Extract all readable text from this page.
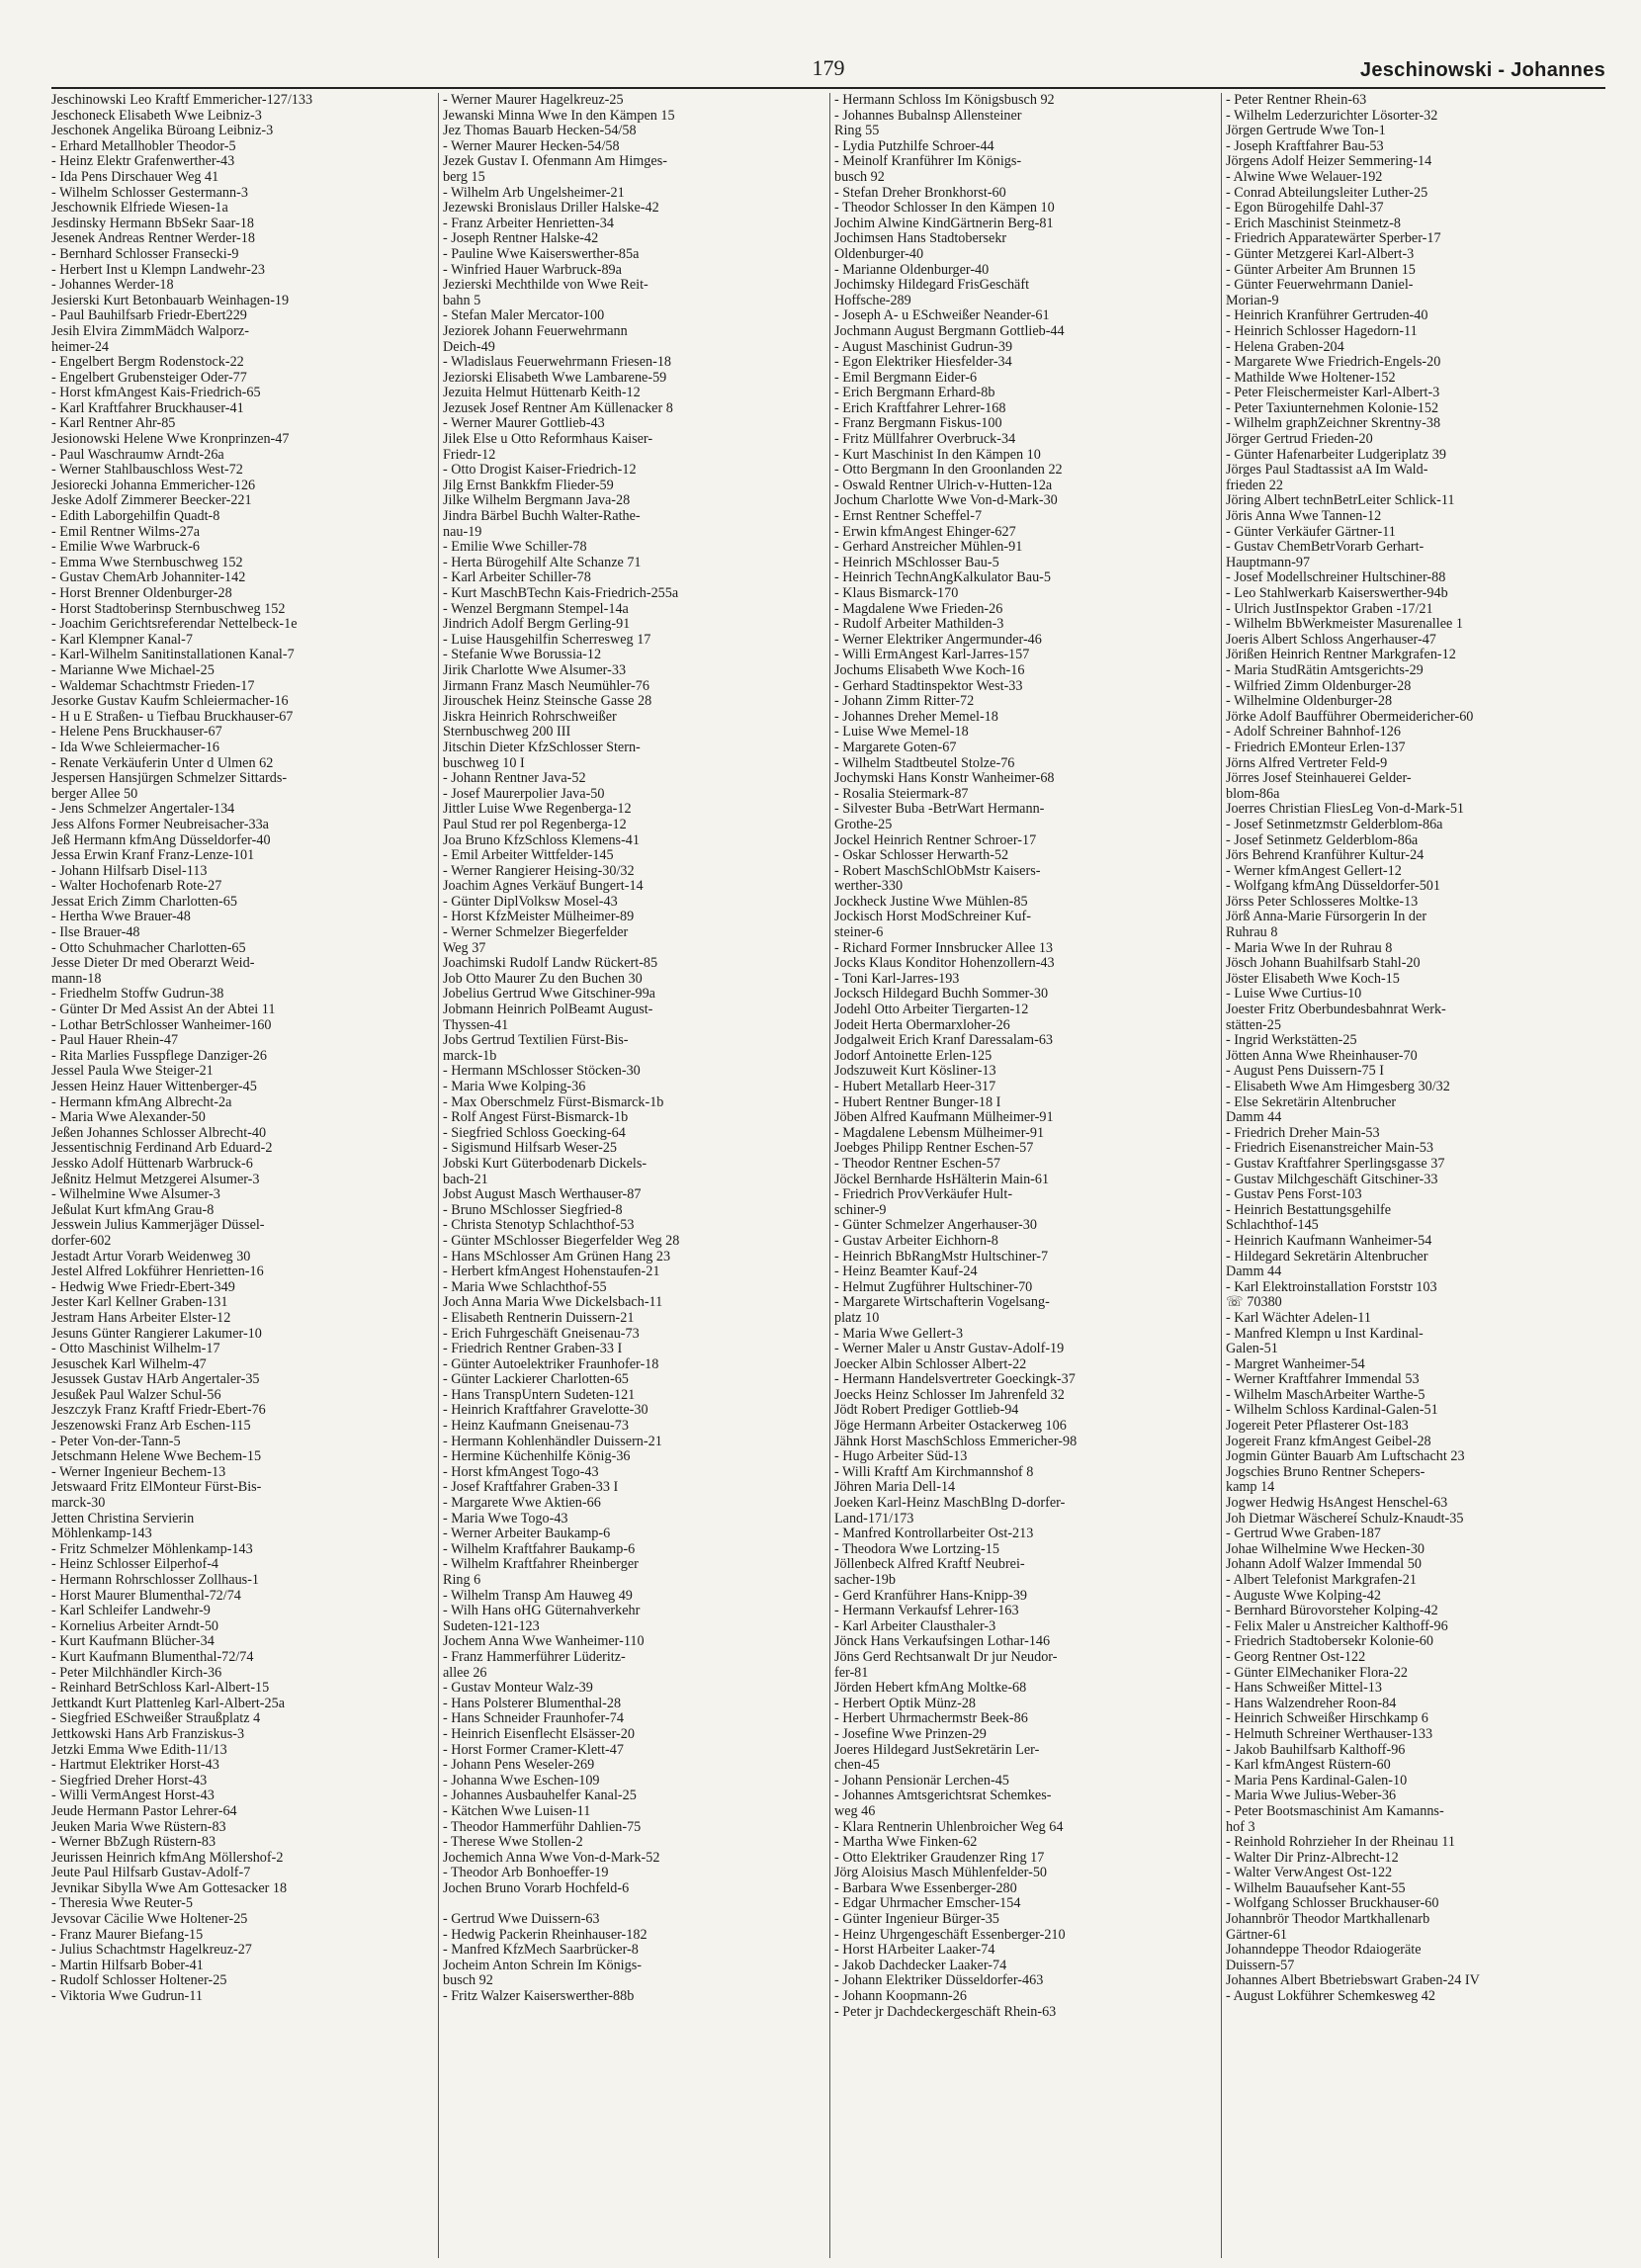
179	Jeschinowski - Johannes
Jeschinowski Leo Kraftf Emmericher-127/133
Jeschoneck Elisabeth Wwe Leibniz-3
Jeschonek Angelika Büroang Leibniz-3
- Erhard Metallhobler Theodor-5
- Heinz Elektr Grafenwerther-43
- Ida Pens Dirschauer Weg 41
- Wilhelm Schlosser Gestermann-3
Jeschownik Elfriede Wiesen-1a
Jesdinsky Hermann BbSekr Saar-18
Jesenek Andreas Rentner Werder-18
- Bernhard Schlosser Fransecki-9
- Herbert Inst u Klempn Landwehr-23
- Johannes Werder-18
Jesierski Kurt Betonbauarb Weinhagen-19
- Paul Bauhilfsarb Friedr-Ebert229
Jesih Elvira ZimmMädch Walporz-
heimer-24
- Engelbert Bergm Rodenstock-22
- Engelbert Grubensteiger Oder-77
- Horst kfmAngest Kais-Friedrich-65
- Karl Kraftfahrer Bruckhauser-41
- Karl Rentner Ahr-85
Jesionowski Helene Wwe Kronprinzen-47
- Paul Waschraumw Arndt-26a
- Werner Stahlbauschloss West-72
Jesiorecki Johanna Emmericher-126
Jeske Adolf Zimmerer Beecker-221
- Edith Laborgehilfin Quadt-8
- Emil Rentner Wilms-27a
- Emilie Wwe Warbruck-6
- Emma Wwe Sternbuschweg 152
- Gustav ChemArb Johanniter-142
- Horst Brenner Oldenburger-28
- Horst Stadtoberinsp Sternbuschweg 152
- Joachim Gerichtsreferendar Nettelbeck-1e
- Karl Klempner Kanal-7
- Karl-Wilhelm Sanitinstallationen Kanal-7
- Marianne Wwe Michael-25
- Waldemar Schachtmstr Frieden-17
Jesorke Gustav Kaufm Schleiermacher-16
- H u E Straßen- u Tiefbau Bruckhauser-67
- Helene Pens Bruckhauser-67
- Ida Wwe Schleiermacher-16
- Renate Verkäuferin Unter d Ulmen 62
Jespersen Hansjürgen Schmelzer Sittards-
berger Allee 50
- Jens Schmelzer Angertaler-134
Jess Alfons Former Neubreisacher-33a
Jeß Hermann kfmAng Düsseldorfer-40
Jessa Erwin Kranf Franz-Lenze-101
- Johann Hilfsarb Disel-113
- Walter Hochofenarb Rote-27
Jessat Erich Zimm Charlotten-65
- Hertha Wwe Brauer-48
- Ilse Brauer-48
- Otto Schuhmacher Charlotten-65
Jesse Dieter Dr med Oberarzt Weid-
mann-18
- Friedhelm Stoffw Gudrun-38
- Günter Dr Med Assist An der Abtei 11
- Lothar BetrSchlosser Wanheimer-160
- Paul Hauer Rhein-47
- Rita Marlies Fusspflege Danziger-26
Jessel Paula Wwe Steiger-21
Jessen Heinz Hauer Wittenberger-45
- Hermann kfmAng Albrecht-2a
- Maria Wwe Alexander-50
Jeßen Johannes Schlosser Albrecht-40
Jessentischnig Ferdinand Arb Eduard-2
Jessko Adolf Hüttenarb Warbruck-6
Jeßnitz Helmut Metzgerei Alsumer-3
- Wilhelmine Wwe Alsumer-3
Jeßulat Kurt kfmAng Grau-8
Jesswein Julius Kammerjäger Düssel-
dorfer-602
Jestadt Artur Vorarb Weidenweg 30
Jestel Alfred Lokführer Henrietten-16
- Hedwig Wwe Friedr-Ebert-349
Jester Karl Kellner Graben-131
Jestram Hans Arbeiter Elster-12
Jesuns Günter Rangierer Lakumer-10
- Otto Maschinist Wilhelm-17
Jesuschek Karl Wilhelm-47
Jesussek Gustav HArb Angertaler-35
Jesußek Paul Walzer Schul-56
Jeszczyk Franz Kraftf Friedr-Ebert-76
Jeszenowski Franz Arb Eschen-115
- Peter Von-der-Tann-5
Jetschmann Helene Wwe Bechem-15
- Werner Ingenieur Bechem-13
Jetswaard Fritz ElMonteur Fürst-Bis-
marck-30
Jetten Christina Servierin
Möhlenkamp-143
- Fritz Schmelzer Möhlenkamp-143
- Heinz Schlosser Eilperhof-4
- Hermann Rohrschlosser Zollhaus-1
- Horst Maurer Blumenthal-72/74
- Karl Schleifer Landwehr-9
- Kornelius Arbeiter Arndt-50
- Kurt Kaufmann Blücher-34
- Kurt Kaufmann Blumenthal-72/74
- Peter Milchhändler Kirch-36
- Reinhard BetrSchloss Karl-Albert-15
Jettkandt Kurt Plattenleg Karl-Albert-25a
- Siegfried ESchweißer Straußplatz 4
Jettkowski Hans Arb Franziskus-3
Jetzki Emma Wwe Edith-11/13
- Hartmut Elektriker Horst-43
- Siegfried Dreher Horst-43
- Willi VermAngest Horst-43
Jeude Hermann Pastor Lehrer-64
Jeuken Maria Wwe Rüstern-83
- Werner BbZugh Rüstern-83
Jeurissen Heinrich kfmAng Möllershof-2
Jeute Paul Hilfsarb Gustav-Adolf-7
Jevnikar Sibylla Wwe Am Gottesacker 18
- Theresia Wwe Reuter-5
Jevsovar Cäcilie Wwe Holtener-25
- Franz Maurer Biefang-15
- Julius Schachtmstr Hagelkreuz-27
- Martin Hilfsarb Bober-41
- Rudolf Schlosser Holtener-25
- Viktoria Wwe Gudrun-11
- Werner Maurer Hagelkreuz-25
Jewanski Minna Wwe In den Kämpen 15
Jez Thomas Bauarb Hecken-54/58
- Werner Maurer Hecken-54/58
Jezek Gustav I. Ofenmann Am Himges-
berg 15
- Wilhelm Arb Ungelsheimer-21
Jezewski Bronislaus Driller Halske-42
- Franz Arbeiter Henrietten-34
- Joseph Rentner Halske-42
- Pauline Wwe Kaiserswerther-85a
- Winfried Hauer Warbruck-89a
Jezierski Mechthilde von Wwe Reit-
bahn 5
- Stefan Maler Mercator-100
Jeziorek Johann Feuerwehrmann
Deich-49
- Wladislaus Feuerwehrmann Friesen-18
Jeziorski Elisabeth Wwe Lambarene-59
Jezuita Helmut Hüttenarb Keith-12
Jezusek Josef Rentner Am Küllenacker 8
- Werner Maurer Gottlieb-43
Jilek Else u Otto Reformhaus Kaiser-
Friedr-12
- Otto Drogist Kaiser-Friedrich-12
Jilg Ernst Bankkfm Flieder-59
Jilke Wilhelm Bergmann Java-28
Jindra Bärbel Buchh Walter-Rathe-
nau-19
- Emilie Wwe Schiller-78
- Herta Bürogehilf Alte Schanze 71
- Karl Arbeiter Schiller-78
- Kurt MaschBTechn Kais-Friedrich-255a
- Wenzel Bergmann Stempel-14a
Jindrich Adolf Bergm Gerling-91
- Luise Hausgehilfin Scherresweg 17
- Stefanie Wwe Borussia-12
Jirik Charlotte Wwe Alsumer-33
Jirmann Franz Masch Neumühler-76
Jirouschek Heinz Steinsche Gasse 28
Jiskra Heinrich Rohrschweißer
Sternbuschweg 200 III
Jitschin Dieter KfzSchlosser Stern-
buschweg 10 I
- Johann Rentner Java-52
- Josef Maurerpolier Java-50
Jittler Luise Wwe Regenberga-12
Paul Stud rer pol Regenberga-12
Joa Bruno KfzSchloss Klemens-41
- Emil Arbeiter Wittfelder-145
- Werner Rangierer Heising-30/32
Joachim Agnes Verkäuf Bungert-14
- Günter DiplVolksw Mosel-43
- Horst KfzMeister Mülheimer-89
- Werner Schmelzer Biegerfelder
Weg 37
Joachimski Rudolf Landw Rückert-85
Job Otto Maurer Zu den Buchen 30
Jobelius Gertrud Wwe Gitschiner-99a
Jobmann Heinrich PolBeamt August-
Thyssen-41
Jobs Gertrud Textilien Fürst-Bis-
marck-1b
- Hermann MSchlosser Stöcken-30
- Maria Wwe Kolping-36
- Max Oberschmelz Fürst-Bismarck-1b
- Rolf Angest Fürst-Bismarck-1b
- Siegfried Schloss Goecking-64
- Sigismund Hilfsarb Weser-25
Jobski Kurt Güterbodenarb Dickels-
bach-21
Jobst August Masch Werthauser-87
- Bruno MSchlosser Siegfried-8
- Christa Stenotyp Schlachthof-53
- Günter MSchlosser Biegerfelder Weg 28
- Hans MSchlosser Am Grünen Hang 23
- Herbert kfmAngest Hohenstaufen-21
- Maria Wwe Schlachthof-55
Joch Anna Maria Wwe Dickelsbach-11
- Elisabeth Rentnerin Duissern-21
- Erich Fuhrgeschäft Gneisenau-73
- Friedrich Rentner Graben-33 I
- Günter Autoelektriker Fraunhofer-18
- Günter Lackierer Charlotten-65
- Hans TranspUntern Sudeten-121
- Heinrich Kraftfahrer Gravelotte-30
- Heinz Kaufmann Gneisenau-73
- Hermann Kohlenhändler Duissern-21
- Hermine Küchenhilfe König-36
- Horst kfmAngest Togo-43
- Josef Kraftfahrer Graben-33 I
- Margarete Wwe Aktien-66
- Maria Wwe Togo-43
- Werner Arbeiter Baukamp-6
- Wilhelm Kraftfahrer Baukamp-6
- Wilhelm Kraftfahrer Rheinberger
Ring 6
- Wilhelm Transp Am Hauweg 49
- Wilh Hans oHG Güternahverkehr
Sudeten-121-123
Jochem Anna Wwe Wanheimer-110
- Franz Hammerführer Lüderitz-
allee 26
- Gustav Monteur Walz-39
- Hans Polsterer Blumenthal-28
- Hans Schneider Fraunhofer-74
- Heinrich Eisenflecht Elsässer-20
- Horst Former Cramer-Klett-47
- Johann Pens Weseler-269
- Johanna Wwe Eschen-109
- Johannes Ausbauhelfer Kanal-25
- Kätchen Wwe Luisen-11
- Theodor Hammerführ Dahlien-75
- Therese Wwe Stollen-2
Jochemich Anna Wwe Von-d-Mark-52
- Theodor Arb Bonhoeffer-19
Jochen Bruno Vorarb Hochfeld-6

- Gertrud Wwe Duissern-63
- Hedwig Packerin Rheinhauser-182
- Manfred KfzMech Saarbrücker-8
Jocheim Anton Schrein Im Königs-
busch 92
- Fritz Walzer Kaiserswerther-88b
- Hermann Schloss Im Königsbusch 92
- Johannes Bubalnsp Allensteiner
Ring 55
- Lydia Putzhilfe Schroer-44
- Meinolf Kranführer Im Königs-
busch 92
- Stefan Dreher Bronkhorst-60
- Theodor Schlosser In den Kämpen 10
Jochim Alwine KindGärtnerin Berg-81
Jochimsen Hans Stadtobersekr
Oldenburger-40
- Marianne Oldenburger-40
Jochimsky Hildegard FrisGeschäft
Hoffsche-289
- Joseph A- u ESchweißer Neander-61
Jochmann August Bergmann Gottlieb-44
- August Maschinist Gudrun-39
- Egon Elektriker Hiesfelder-34
- Emil Bergmann Eider-6
- Erich Bergmann Erhard-8b
- Erich Kraftfahrer Lehrer-168
- Franz Bergmann Fiskus-100
- Fritz Müllfahrer Overbruck-34
- Kurt Maschinist In den Kämpen 10
- Otto Bergmann In den Groonlanden 22
- Oswald Rentner Ulrich-v-Hutten-12a
Jochum Charlotte Wwe Von-d-Mark-30
- Ernst Rentner Scheffel-7
- Erwin kfmAngest Ehinger-627
- Gerhard Anstreicher Mühlen-91
- Heinrich MSchlosser Bau-5
- Heinrich TechnAngKalkulator Bau-5
- Klaus Bismarck-170
- Magdalene Wwe Frieden-26
- Rudolf Arbeiter Mathilden-3
- Werner Elektriker Angermunder-46
- Willi ErmAngest Karl-Jarres-157
Jochums Elisabeth Wwe Koch-16
- Gerhard Stadtinspektor West-33
- Johann Zimm Ritter-72
- Johannes Dreher Memel-18
- Luise Wwe Memel-18
- Margarete Goten-67
- Wilhelm Stadtbeutel Stolze-76
Jochymski Hans Konstr Wanheimer-68
- Rosalia Steiermark-87
- Silvester Buba -BetrWart Hermann-
Grothe-25
Jockel Heinrich Rentner Schroer-17
- Oskar Schlosser Herwarth-52
- Robert MaschSchlObMstr Kaisers-
werther-330
Jockheck Justine Wwe Mühlen-85
Jockisch Horst ModSchreiner Kuf-
steiner-6
- Richard Former Innsbrucker Allee 13
Jocks Klaus Konditor Hohenzollern-43
- Toni Karl-Jarres-193
Jocksch Hildegard Buchh Sommer-30
Jodehl Otto Arbeiter Tiergarten-12
Jodeit Herta Obermarxloher-26
Jodgalweit Erich Kranf Daressalam-63
Jodorf Antoinette Erlen-125
Jodszuweit Kurt Kösliner-13
- Hubert Metallarb Heer-317
- Hubert Rentner Bunger-18 I
Jöben Alfred Kaufmann Mülheimer-91
- Magdalene Lebensm Mülheimer-91
Joebges Philipp Rentner Eschen-57
- Theodor Rentner Eschen-57
Jöckel Bernharde HsHälterin Main-61
- Friedrich ProvVerkäufer Hult-
schiner-9
- Günter Schmelzer Angerhauser-30
- Gustav Arbeiter Eichhorn-8
- Heinrich BbRangMstr Hultschiner-7
- Heinz Beamter Kauf-24
- Helmut Zugführer Hultschiner-70
- Margarete Wirtschafterin Vogelsang-
platz 10
- Maria Wwe Gellert-3
- Werner Maler u Anstr Gustav-Adolf-19
Joecker Albin Schlosser Albert-22
- Hermann Handelsvertreter Goeckingk-37
Joecks Heinz Schlosser Im Jahrenfeld 32
Jödt Robert Prediger Gottlieb-94
Jöge Hermann Arbeiter Ostackerweg 106
Jähnk Horst MaschSchloss Emmericher-98
- Hugo Arbeiter Süd-13
- Willi Kraftf Am Kirchmannshof 8
Jöhren Maria Dell-14
Joeken Karl-Heinz MaschBlng D-dorfer-
Land-171/173
- Manfred Kontrollarbeiter Ost-213
- Theodora Wwe Lortzing-15
Jöllenbeck Alfred Kraftf Neubrei-
sacher-19b
- Gerd Kranführer Hans-Knipp-39
- Hermann Verkaufsf Lehrer-163
- Karl Arbeiter Clausthaler-3
Jönck Hans Verkaufsingen Lothar-146
Jöns Gerd Rechtsanwalt Dr jur Neudor-
fer-81
Jörden Hebert kfmAng Moltke-68
- Herbert Optik Münz-28
- Herbert Uhrmachermstr Beek-86
- Josefine Wwe Prinzen-29
Joeres Hildegard JustSekretärin Ler-
chen-45
- Johann Pensionär Lerchen-45
- Johannes Amtsgerichtsrat Schemkes-
weg 46
- Klara Rentnerin Uhlenbroicher Weg 64
- Martha Wwe Finken-62
- Otto Elektriker Graudenzer Ring 17
Jörg Aloisius Masch Mühlenfelder-50
- Barbara Wwe Essenberger-280
- Edgar Uhrmacher Emscher-154
- Günter Ingenieur Bürger-35
- Heinz Uhrgengeschäft Essenberger-210
- Horst HArbeiter Laaker-74
- Jakob Dachdecker Laaker-74
- Johann Elektriker Düsseldorfer-463
- Johann Koopmann-26
- Peter jr Dachdeckergeschäft Rhein-63
- Peter Rentner Rhein-63
- Wilhelm Lederzurichter Lösorter-32
Jörgen Gertrude Wwe Ton-1
- Joseph Kraftfahrer Bau-53
Jörgens Adolf Heizer Semmering-14
- Alwine Wwe Welauer-192
- Conrad Abteilungsleiter Luther-25
- Egon Bürogehilfe Dahl-37
- Erich Maschinist Steinmetz-8
- Friedrich Apparatewärter Sperber-17
- Günter Metzgerei Karl-Albert-3
- Günter Arbeiter Am Brunnen 15
- Günter Feuerwehrmann Daniel-
Morian-9
- Heinrich Kranführer Gertruden-40
- Heinrich Schlosser Hagedorn-11
- Helena Graben-204
- Margarete Wwe Friedrich-Engels-20
- Mathilde Wwe Holtener-152
- Peter Fleischermeister Karl-Albert-3
- Peter Taxiunternehmen Kolonie-152
- Wilhelm graphZeichner Skrentny-38
Jörger Gertrud Frieden-20
- Günter Hafenarbeiter Ludgeriplatz 39
Jörges Paul Stadtassist aA Im Wald-
frieden 22
Jöring Albert technBetrLeiter Schlick-11
Jöris Anna Wwe Tannen-12
- Günter Verkäufer Gärtner-11
- Gustav ChemBetrVorarb Gerhart-
Hauptmann-97
- Josef Modellschreiner Hultschiner-88
- Leo Stahlwerkarb Kaiserswerther-94b
- Ulrich JustInspektor Graben -17/21
- Wilhelm BbWerkmeister Masurenallee 1
Joeris Albert Schloss Angerhauser-47
Jörißen Heinrich Rentner Markgrafen-12
- Maria StudRätin Amtsgerichts-29
- Wilfried Zimm Oldenburger-28
- Wilhelmine Oldenburger-28
Jörke Adolf Baufführer Obermeidericher-60
- Adolf Schreiner Bahnhof-126
- Friedrich EMonteur Erlen-137
Jörns Alfred Vertreter Feld-9
Jörres Josef Steinhauerei Gelder-
blom-86a
Joerres Christian FliesLeg Von-d-Mark-51
- Josef Setinmetzmstr Gelderblom-86a
- Josef Setinmetz Gelderblom-86a
Jörs Behrend Kranführer Kultur-24
- Werner kfmAngest Gellert-12
- Wolfgang kfmAng Düsseldorfer-501
Jörss Peter Schlosseres Moltke-13
Jörß Anna-Marie Fürsorgerin In der
Ruhrau 8
- Maria Wwe In der Ruhrau 8
Jösch Johann Buahilfsarb Stahl-20
Jöster Elisabeth Wwe Koch-15
- Luise Wwe Curtius-10
Joester Fritz Oberbundesbahnrat Werk-
stätten-25
- Ingrid Werkstätten-25
Jötten Anna Wwe Rheinhauser-70
- August Pens Duissern-75 I
- Elisabeth Wwe Am Himgesberg 30/32
- Else Sekretärin Altenbrucher
Damm 44
- Friedrich Dreher Main-53
- Friedrich Eisenanstreicher Main-53
- Gustav Kraftfahrer Sperlingsgasse 37
- Gustav Milchgeschäft Gitschiner-33
- Gustav Pens Forst-103
- Heinrich Bestattungsgehilfe
Schlachthof-145
- Heinrich Kaufmann Wanheimer-54
- Hildegard Sekretärin Altenbrucher
Damm 44
- Karl Elektroinstallation Forststr 103
☏ 70380
- Karl Wächter Adelen-11
- Manfred Klempn u Inst Kardinal-
Galen-51
- Margret Wanheimer-54
- Werner Kraftfahrer Immendal 53
- Wilhelm MaschArbeiter Warthe-5
- Wilhelm Schloss Kardinal-Galen-51
Jogereit Peter Pflasterer Ost-183
Jogereit Franz kfmAngest Geibel-28
Jogmin Günter Bauarb Am Luftschacht 23
Jogschies Bruno Rentner Schepers-
kamp 14
Jogwer Hedwig HsAngest Henschel-63
Joh Dietmar Wäschereí Schulz-Knaudt-35
- Gertrud Wwe Graben-187
Johae Wilhelmine Wwe Hecken-30
Johann Adolf Walzer Immendal 50
- Albert Telefonist Markgrafen-21
- Auguste Wwe Kolping-42
- Bernhard Bürovorsteher Kolping-42
- Felix Maler u Anstreicher Kalthoff-96
- Friedrich Stadtobersekr Kolonie-60
- Georg Rentner Ost-122
- Günter ElMechaniker Flora-22
- Hans Schweißer Mittel-13
- Hans Walzendreher Roon-84
- Heinrich Schweißer Hirschkamp 6
- Helmuth Schreiner Werthauser-133
- Jakob Bauhilfsarb Kalthoff-96
- Karl kfmAngest Rüstern-60
- Maria Pens Kardinal-Galen-10
- Maria Wwe Julius-Weber-36
- Peter Bootsmaschinist Am Kamanns-
hof 3
- Reinhold Rohrzieher In der Rheinau 11
- Walter Dir Prinz-Albrecht-12
- Walter VerwAngest Ost-122
- Wilhelm Bauaufseher Kant-55
- Wolfgang Schlosser Bruckhauser-60
Johannbrör Theodor Martkhallenarb
Gärtner-61
Johanndeppe Theodor Rdaiogeräte
Duissern-57
Johannes Albert Bbetriebswart Graben-24 IV
- August Lokführer Schemkesweg 42
